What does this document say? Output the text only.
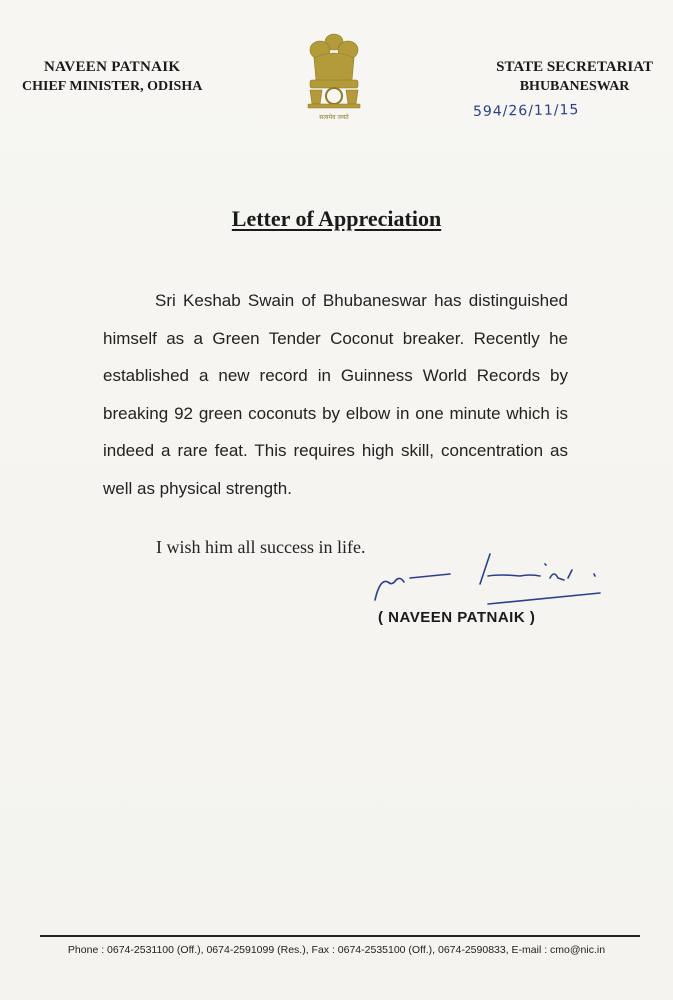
NAVEEN PATNAIK
CHIEF MINISTER, ODISHA
सत्यमेव जयते
STATE SECRETARIAT
BHUBANESWAR
594/26/11/15
Letter of Appreciation
Sri Keshab Swain of Bhubaneswar has distinguished himself as a Green Tender Coconut breaker. Recently he established a new record in Guinness World Records by breaking 92 green coconuts by elbow in one minute which is indeed a rare feat. This requires high skill, concentration as well as physical strength.
I wish him all success in life.
( NAVEEN PATNAIK )
Phone : 0674-2531100 (Off.), 0674-2591099 (Res.), Fax : 0674-2535100 (Off.), 0674-2590833, E-mail : cmo@nic.in
